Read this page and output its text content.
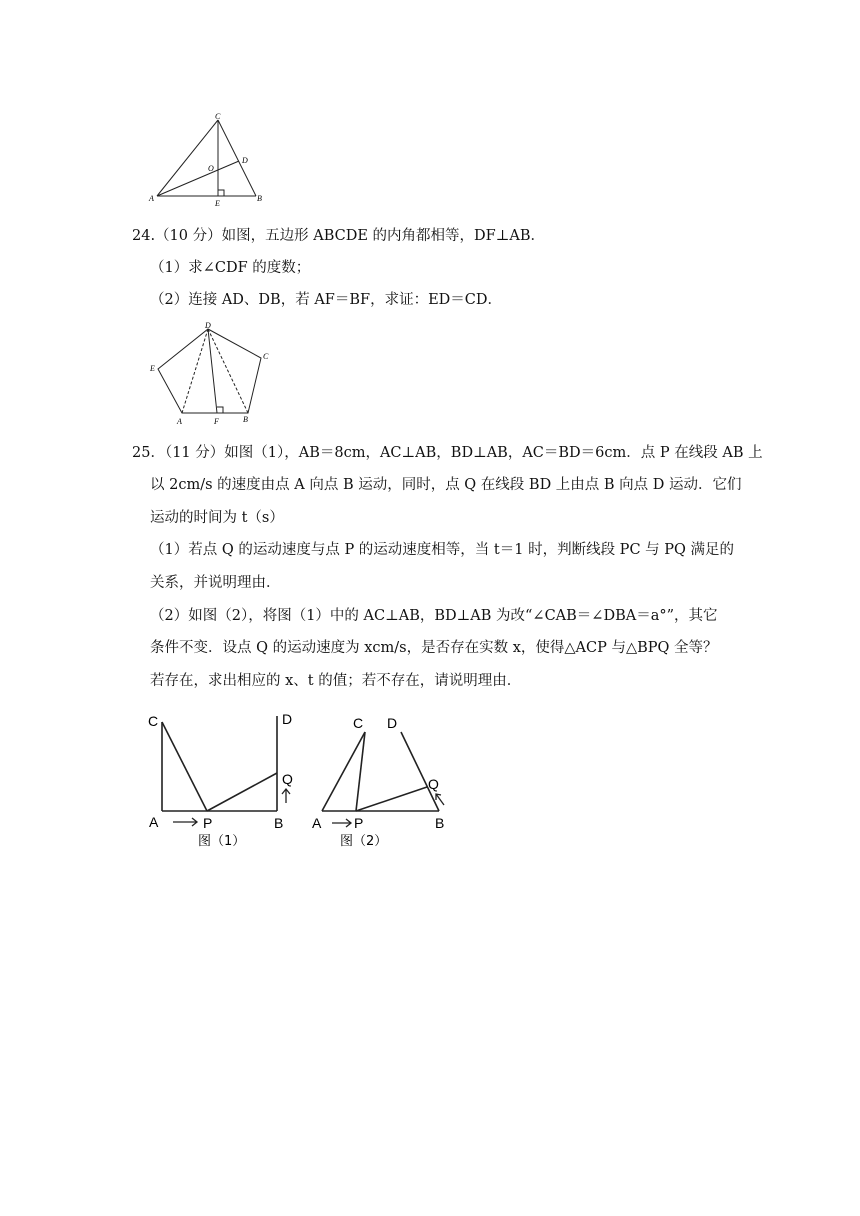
C
D
O
A
E
B
24.（10 分）如图，五边形 ABCDE 的内角都相等，DF⊥AB．
（1）求∠CDF 的度数；
（2）连接 AD、DB，若 AF＝BF，求证：ED＝CD．
D
C
E
A	F	B
25．（11 分）如图（1），AB＝8cm，AC⊥AB，BD⊥AB，AC＝BD＝6cm．点 P 在线段 AB 上
以 2cm/s 的速度由点 A 向点 B 运动，同时，点 Q 在线段 BD 上由点 B 向点 D 运动．它们
运动的时间为 t（s）
（1）若点 Q 的运动速度与点 P 的运动速度相等，当 t＝1 时，判断线段 PC 与 PQ 满足的
关系，并说明理由．
（2）如图（2），将图（1）中的 AC⊥AB，BD⊥AB 为改“∠CAB＝∠DBA＝a°”，其它
条件不变．设点 Q 的运动速度为 xcm/s，是否存在实数 x，使得△ACP 与△BPQ 全等？
若存在，求出相应的 x、t 的值；若不存在，请说明理由．
C	D
Q
A	P	B
图（1）
C D
Q
A P	B
图（2）
